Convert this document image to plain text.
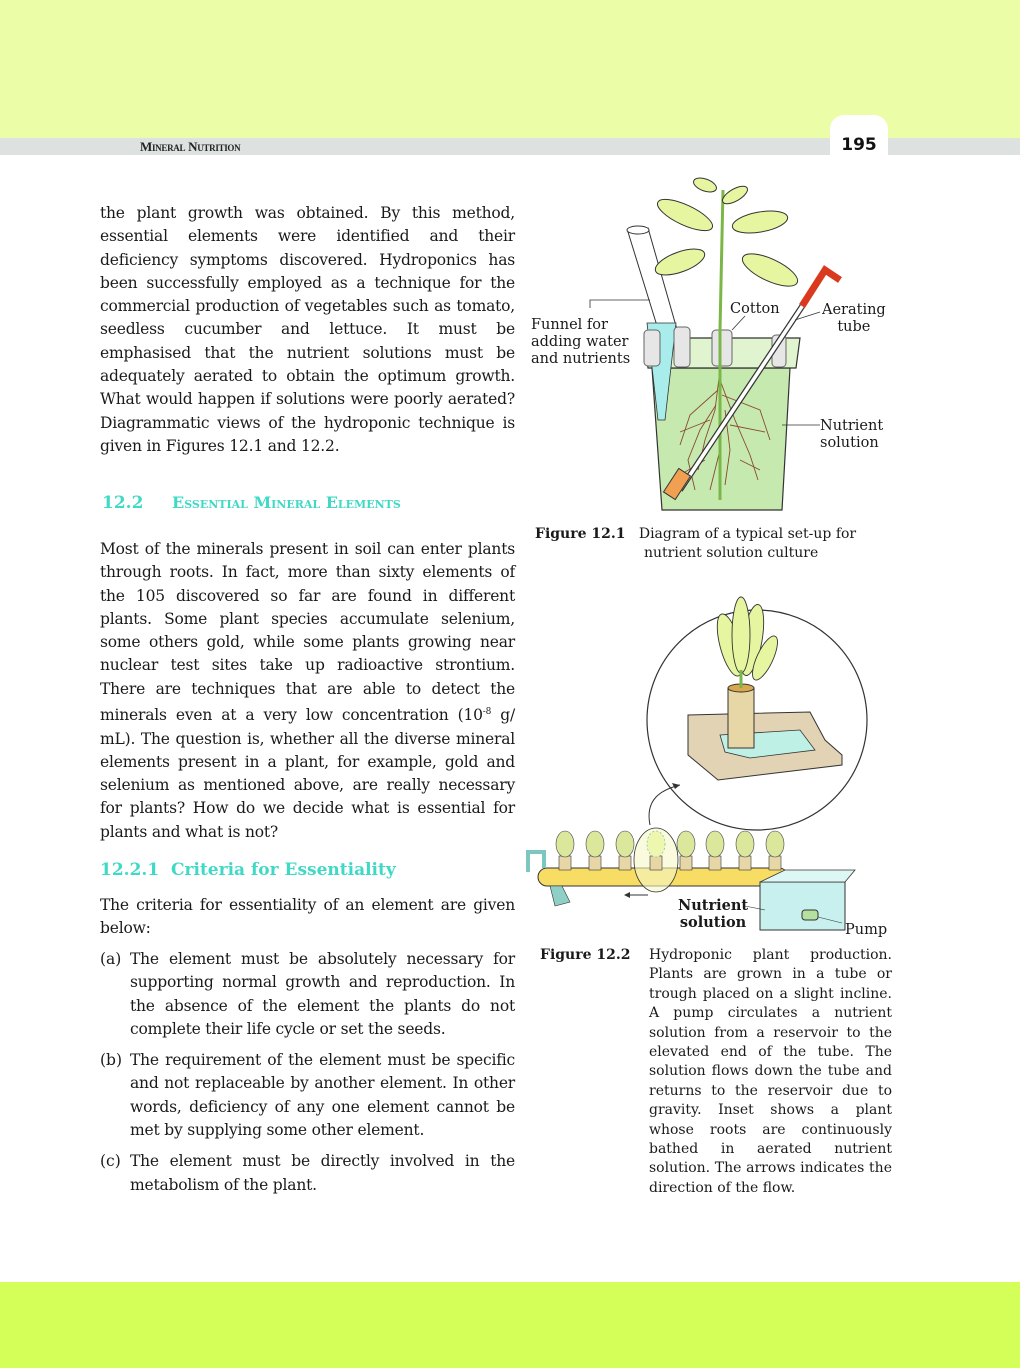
Mineral Nutrition	195

the plant growth was obtained. By this method, essential elements were identified and their deficiency symptoms discovered. Hydroponics has been successfully employed as a technique for the commercial production of vegetables such as tomato, seedless cucumber and lettuce. It must be emphasised that the nutrient solutions must be adequately aerated to obtain the optimum growth. What would happen if solutions were poorly aerated? Diagrammatic views of the hydroponic technique is given in Figures 12.1 and 12.2.

12.2 Essential Mineral Elements

Most of the minerals present in soil can enter plants through roots. In fact, more than sixty elements of the 105 discovered so far are found in different plants. Some plant species accumulate selenium, some others gold, while some plants growing near nuclear test sites take up radioactive strontium. There are techniques that are able to detect the minerals even at a very low concentration ($10^{-8}$ g/ mL). The question is, whether all the diverse mineral elements present in a plant, for example, gold and selenium as mentioned above, are really necessary for plants? How do we decide what is essential for plants and what is not?

12.2.1 Criteria for Essentiality

The criteria for essentiality of an element are given below:

(a) The element must be absolutely necessary for supporting normal growth and reproduction. In the absence of the element the plants do not complete their life cycle or set the seeds.
(b) The requirement of the element must be specific and not replaceable by another element. In other words, deficiency of any one element cannot be met by supplying some other element.
(c) The element must be directly involved in the metabolism of the plant.
Funnel for
adding water
and nutrients
Cotton	Aerating
tube
Nutrient
solution
Figure 12.1 Diagram of a typical set-up for
nutrient solution culture
Nutrient
solution	Pump
Figure 12.2 Hydroponic plant production. Plants are grown in a tube or trough placed on a slight incline. A pump circulates a nutrient solution from a reservoir to the elevated end of the tube. The solution flows down the tube and returns to the reservoir due to gravity. Inset shows a plant whose roots are continuously bathed in aerated nutrient solution. The arrows indicates the direction of the flow.
